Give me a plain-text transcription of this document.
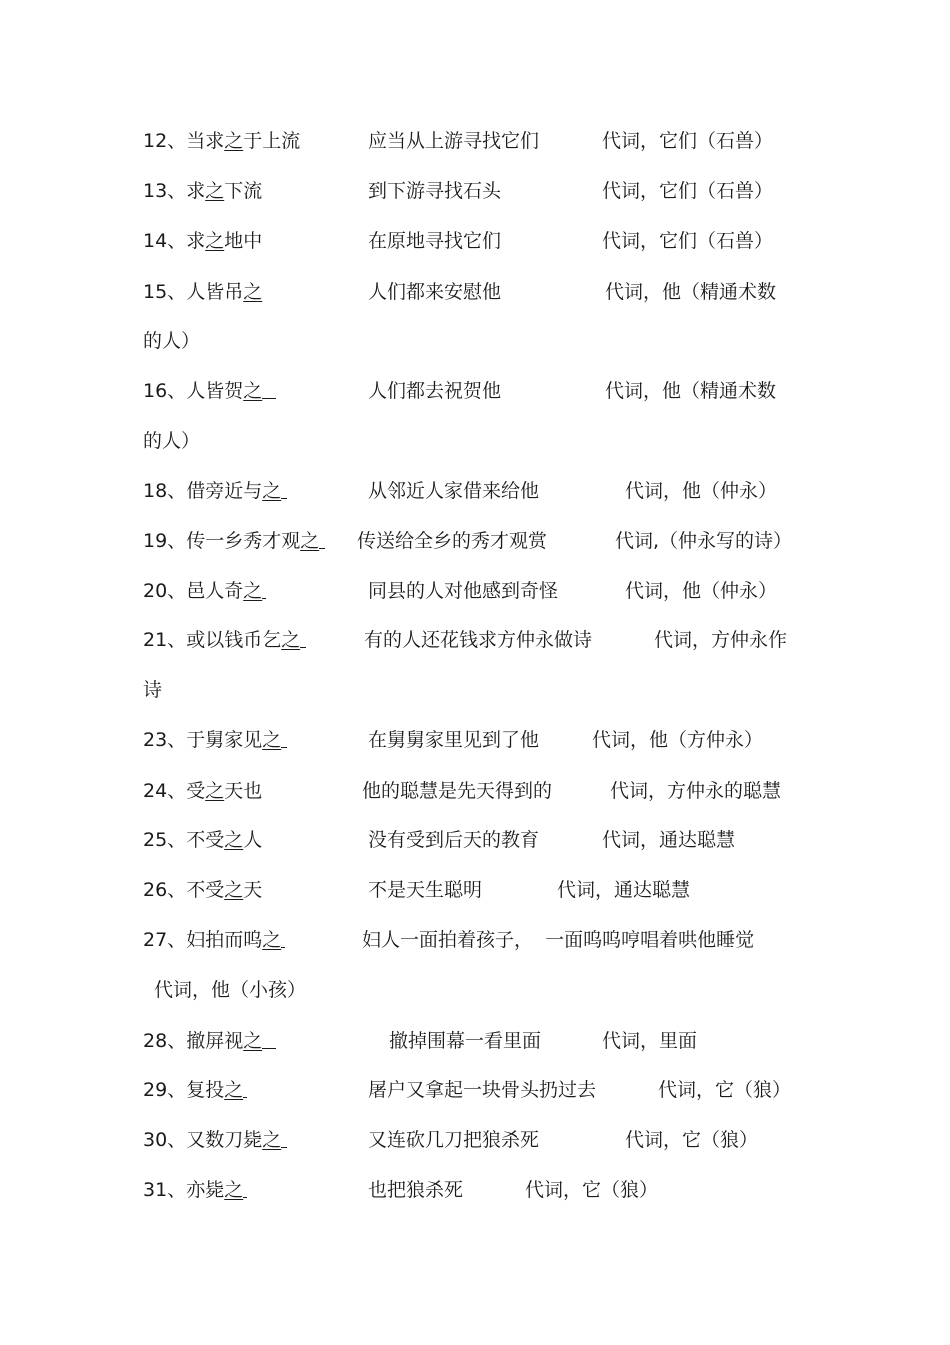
12、当求之于上流	应当从上游寻找它们	代词，它们（石兽）
13、求之下流	到下游寻找石头	代词，它们（石兽）
14、求之地中	在原地寻找它们	代词，它们（石兽）
15、人皆吊之	人们都来安慰他	代词，他（精通术数
的人）
16、人皆贺之	人们都去祝贺他	代词，他（精通术数
的人）
18、借旁近与之	从邻近人家借来给他	代词，他（仲永）
19、传一乡秀才观之	传送给全乡的秀才观赏	代词,（仲永写的诗）
20、邑人奇之	同县的人对他感到奇怪	代词，他（仲永）
21、或以钱币乞之	有的人还花钱求方仲永做诗	代词，方仲永作
诗
23、于舅家见之	在舅舅家里见到了他	代词，他（方仲永）
24、受之天也	他的聪慧是先天得到的	代词，方仲永的聪慧
25、不受之人	没有受到后天的教育	代词，通达聪慧
26、不受之天	不是天生聪明	代词，通达聪慧
27、妇拍而呜之	妇人一面拍着孩子，  一面呜呜哼唱着哄他睡觉
代词，他（小孩）
28、撤屏视之	撤掉围幕一看里面	代词，里面
29、复投之	屠户又拿起一块骨头扔过去	代词，它（狼）
30、又数刀毙之	又连砍几刀把狼杀死	代词，它（狼）
31、亦毙之	也把狼杀死	代词，它（狼）
